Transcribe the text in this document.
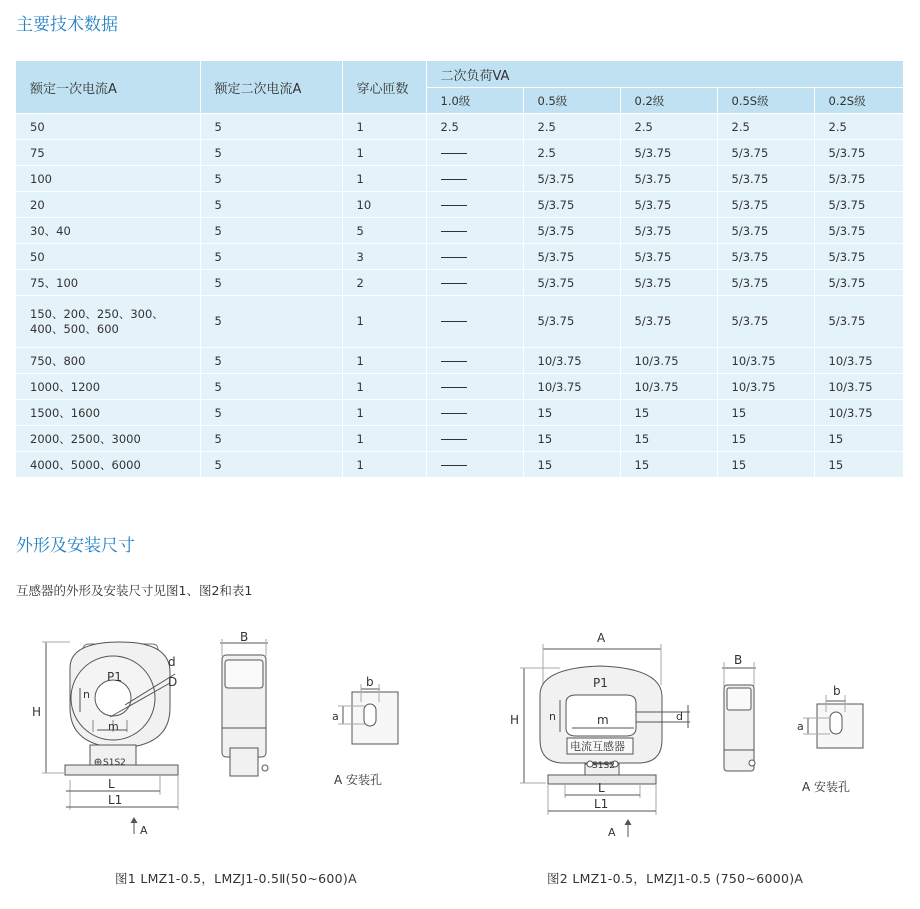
主要技术数据
额定一次电流A	额定二次电流A	穿心匝数	二次负荷VA				
			1.0级	0.5级	0.2级	0.5S级	0.2S级
50	5	1	2.5	2.5	2.5	2.5	2.5
75	5	1		2.5	5/3.75	5/3.75	5/3.75
100	5	1		5/3.75	5/3.75	5/3.75	5/3.75
20	5	10		5/3.75	5/3.75	5/3.75	5/3.75
30、40	5	5		5/3.75	5/3.75	5/3.75	5/3.75
50	5	3		5/3.75	5/3.75	5/3.75	5/3.75
75、100	5	2		5/3.75	5/3.75	5/3.75	5/3.75

150、200、250、300、
400、500、600	5	1		5/3.75	5/3.75	5/3.75	5/3.75
750、800	5	1		10/3.75	10/3.75	10/3.75	10/3.75
1000、1200	5	1		10/3.75	10/3.75	10/3.75	10/3.75
1500、1600	5	1		15	15	15	10/3.75
2000、2500、3000	5	1		15	15	15	15
4000、5000、6000	5	1		15	15	15	15
外形及安装尺寸
互感器的外形及安装尺寸见图1、图2和表1
P1
d
D
n
m
H
S1S2
L
L1
A
B
b
a
A 安装孔
A
P1
n	m	d
H
电流互感器
S1S2
L
L1
A
B
b
a
A 安装孔
图1 LMZ1-0.5，LMZJ1-0.5Ⅱ(50~600)A	图2 LMZ1-0.5，LMZJ1-0.5 (750~6000)A
